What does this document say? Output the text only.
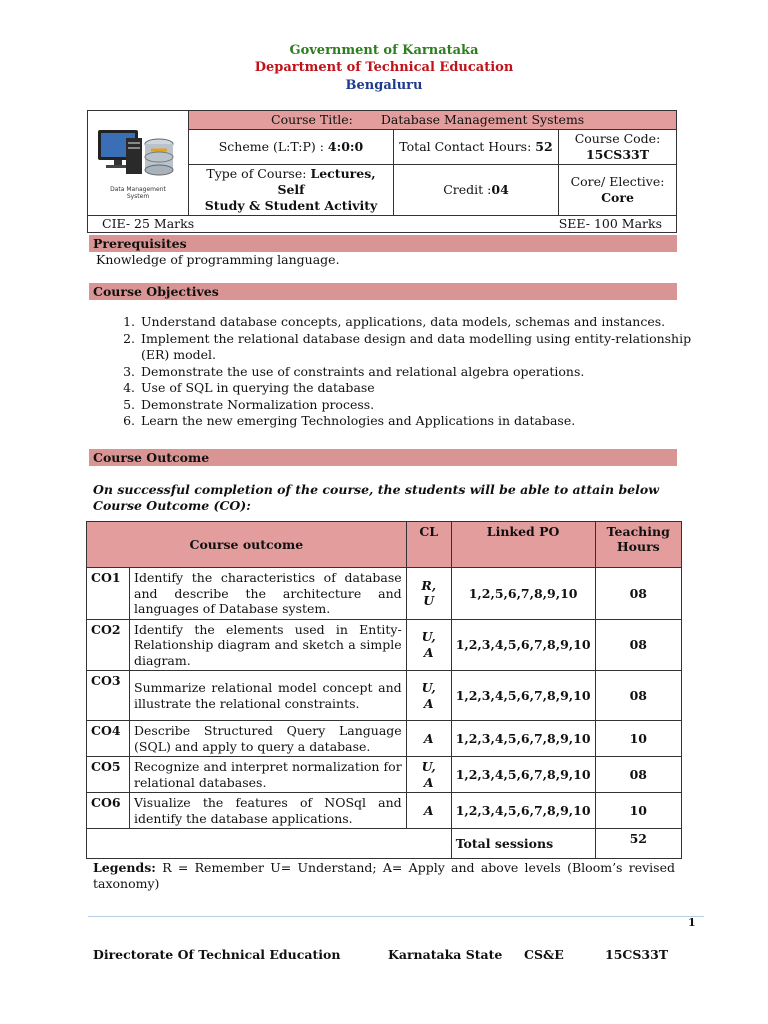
Government of Karnataka
Department of Technical Education
Bengaluru
Data Management System	Course Title: Database Management Systems		
	Scheme (L:T:P) : 4:0:0	Total Contact Hours: 52	Course Code:
15CS33T
	Type of Course: Lectures, Self
Study & Student Activity	Credit :04	Core/ Elective:
Core
CIE- 25 Marks SEE- 100 Marks			
Prerequisites
Knowledge of programming language.
Course Objectives
1. Understand database concepts, applications, data models, schemas and instances.
2. Implement the relational database design and data modelling using entity-relationship (ER) model.
3. Demonstrate the use of constraints and relational algebra operations.
4. Use of SQL in querying the database
5. Demonstrate Normalization process.
6. Learn the new emerging Technologies and Applications in database.
Course Outcome
On successful completion of the course, the students will be able to attain below Course Outcome (CO):
Course outcome		CL	Linked PO	Teaching Hours
CO1	Identify the characteristics of database and describe the architecture and languages of Database system.	R,
U	1,2,5,6,7,8,9,10	08
CO2	Identify the elements used in Entity-Relationship diagram and sketch a simple diagram.	U,
A	1,2,3,4,5,6,7,8,9,10	08
CO3	Summarize relational model concept and illustrate the relational constraints.	U,
A	1,2,3,4,5,6,7,8,9,10	08
CO4	Describe Structured Query Language (SQL) and apply to query a database.	A	1,2,3,4,5,6,7,8,9,10	10
CO5	Recognize and interpret normalization for relational databases.	U,
A	1,2,3,4,5,6,7,8,9,10	08
CO6	Visualize the features of NOSql and identify the database applications.	A	1,2,3,4,5,6,7,8,9,10	10
			Total sessions	52
Legends: R = Remember U= Understand; A= Apply and above levels (Bloom’s revised taxonomy)
1
Directorate Of Technical Education	Karnataka State CS&E	15CS33T
